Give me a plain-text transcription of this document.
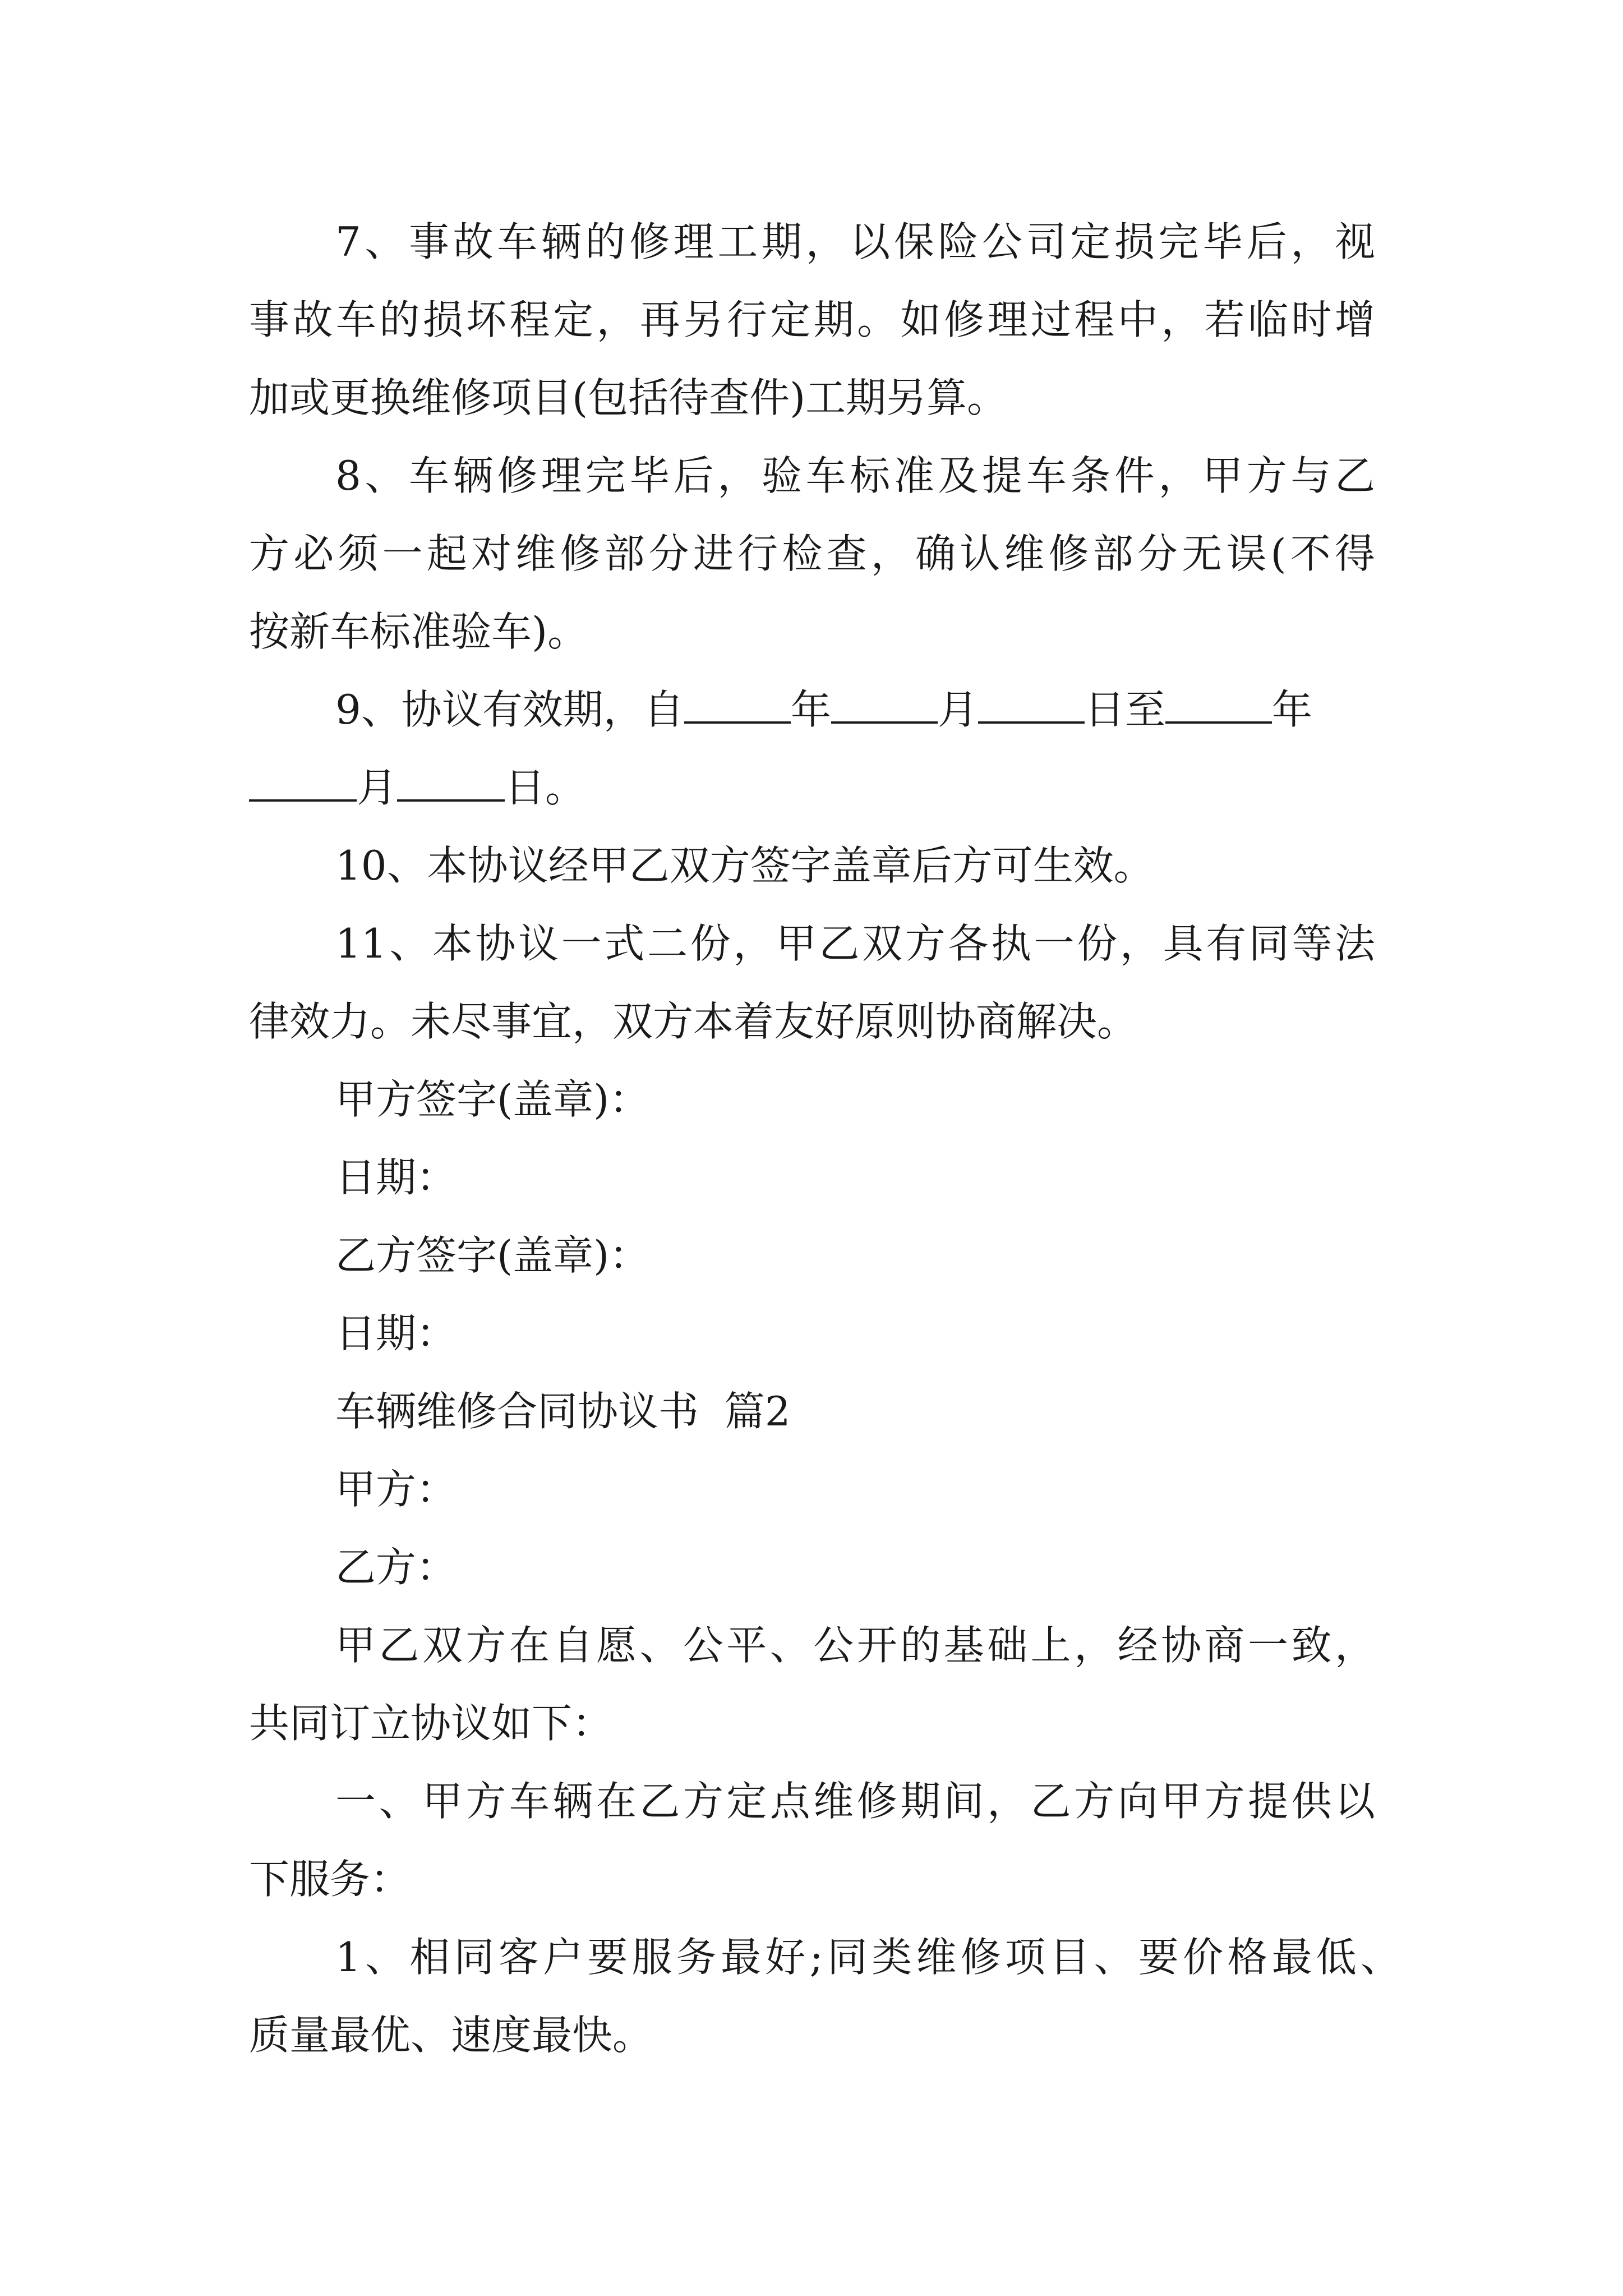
7、事故车辆的修理工期，以保险公司定损完毕后，视

事故车的损坏程定，再另行定期。如修理过程中，若临时增

加或更换维修项目(包括待查件)工期另算。

8、车辆修理完毕后，验车标准及提车条件，甲方与乙

方必须一起对维修部分进行检查，确认维修部分无误(不得

按新车标准验车)。

9、协议有效期，自	年	月	日至	年

月	日。

10、本协议经甲乙双方签字盖章后方可生效。

11、本协议一式二份，甲乙双方各执一份，具有同等法

律效力。未尽事宜，双方本着友好原则协商解决。

甲方签字(盖章)：

日期：

乙方签字(盖章)：

日期：

车辆维修合同协议书  篇2

甲方：

乙方：

甲乙双方在自愿、公平、公开的基础上，经协商一致，

共同订立协议如下：

一、甲方车辆在乙方定点维修期间，乙方向甲方提供以

下服务：

1、相同客户要服务最好;同类维修项目、要价格最低、

质量最优、速度最快。
